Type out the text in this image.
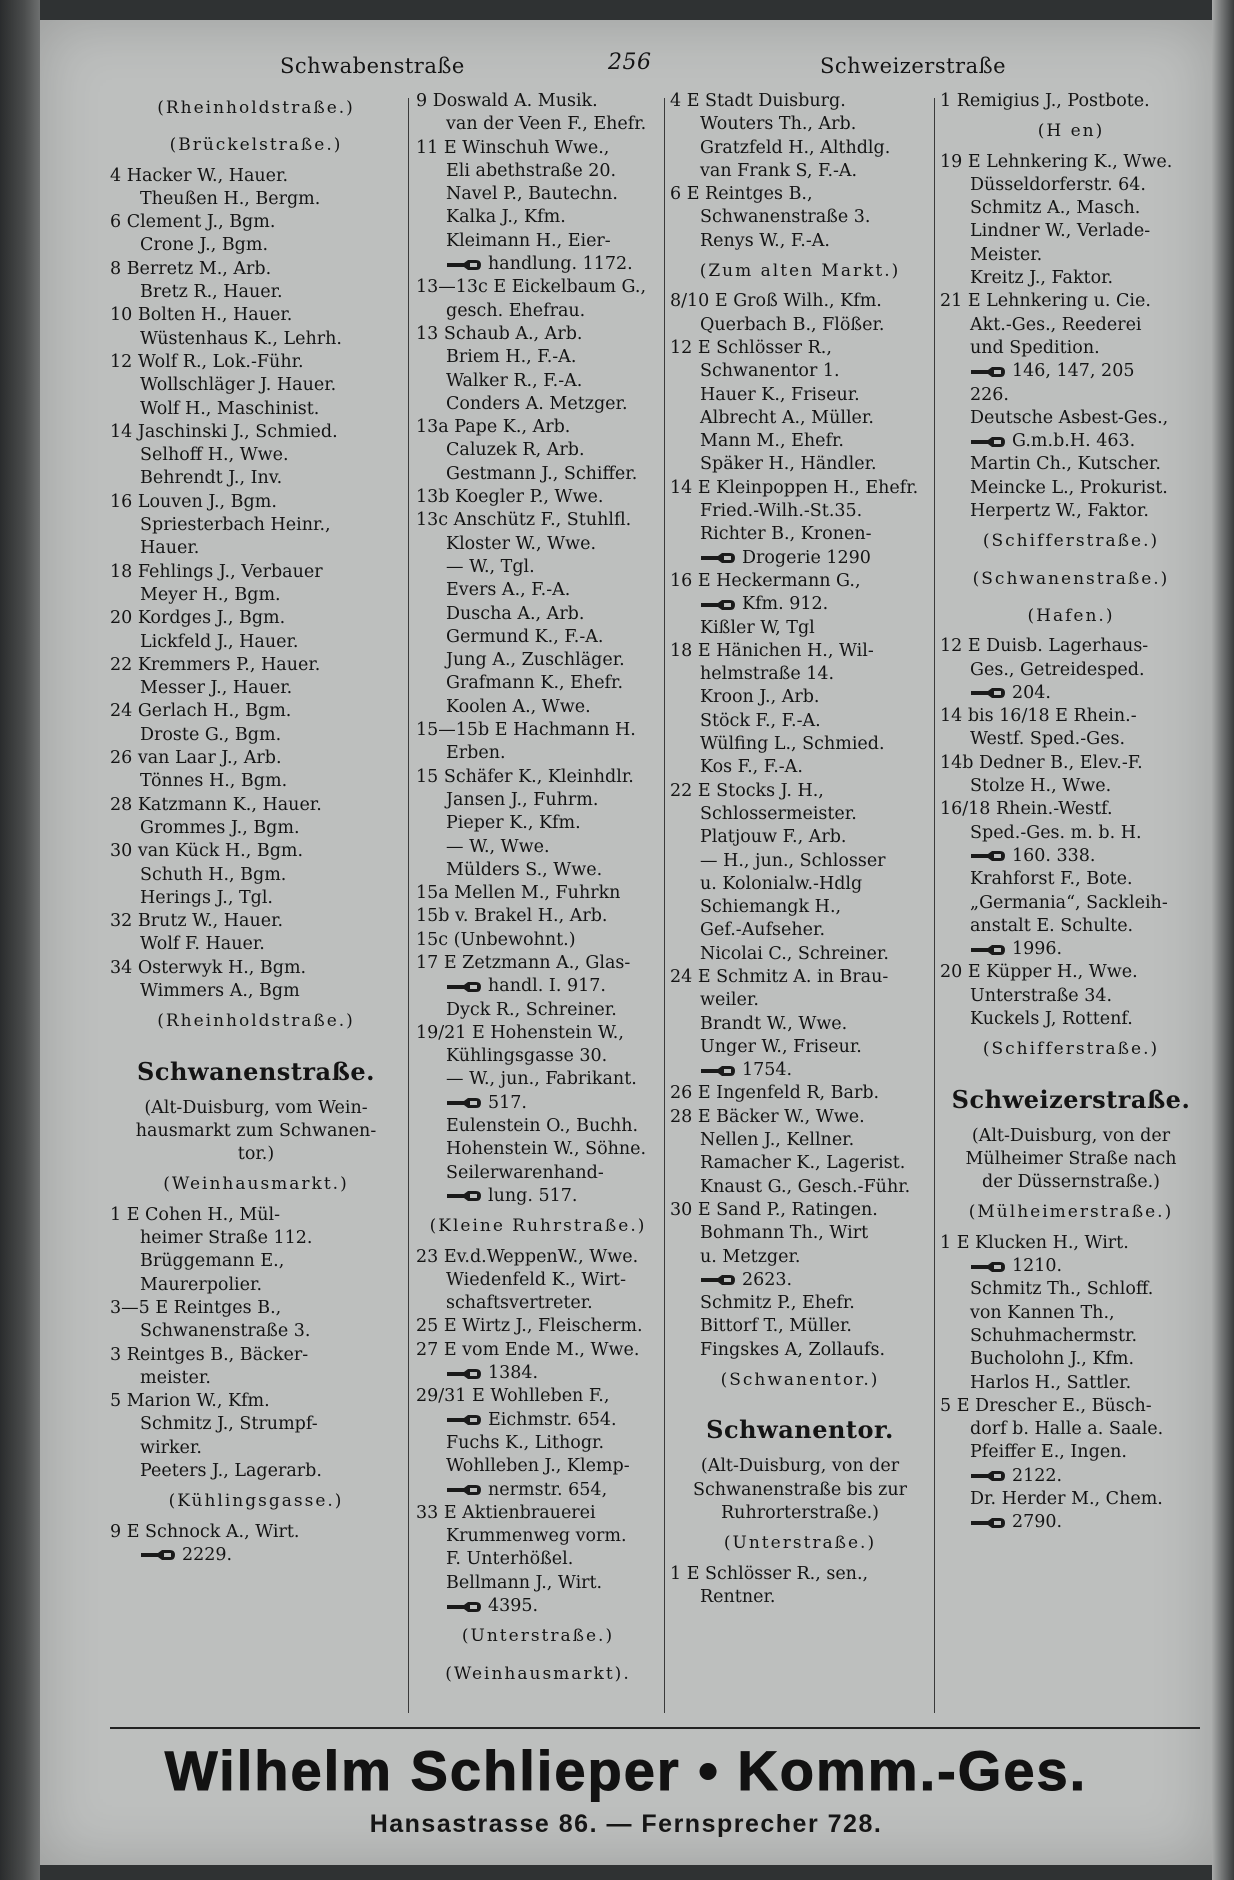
Schwabenstraße	256	Schweizerstraße
(Rheinholdstraße.)
(Brückelstraße.)
4 Hacker W., Hauer.
Theußen H., Bergm.
6 Clement J., Bgm.
Crone J., Bgm.
8 Berretz M., Arb.
Bretz R., Hauer.
10 Bolten H., Hauer.
Wüstenhaus K., Lehrh.
12 Wolf R., Lok.-Führ.
Wollschläger J. Hauer.
Wolf H., Maschinist.
14 Jaschinski J., Schmied.
Selhoff H., Wwe.
Behrendt J., Inv.
16 Louven J., Bgm.
Spriesterbach Heinr.,
Hauer.
18 Fehlings J., Verbauer
Meyer H., Bgm.
20 Kordges J., Bgm.
Lickfeld J., Hauer.
22 Kremmers P., Hauer.
Messer J., Hauer.
24 Gerlach H., Bgm.
Droste G., Bgm.
26 van Laar J., Arb.
Tönnes H., Bgm.
28 Katzmann K., Hauer.
Grommes J., Bgm.
30 van Kück H., Bgm.
Schuth H., Bgm.
Herings J., Tgl.
32 Brutz W., Hauer.
Wolf F. Hauer.
34 Osterwyk H., Bgm.
Wimmers A., Bgm
(Rheinholdstraße.)
Schwanenstraße.
(Alt-Duisburg, vom Wein-
hausmarkt zum Schwanen-
tor.)
(Weinhausmarkt.)
1 E Cohen H., Mül-
heimer Straße 112.
Brüggemann E.,
Maurerpolier.
3—5 E Reintges B.,
Schwanenstraße 3.
3 Reintges B., Bäcker-
meister.
5 Marion W., Kfm.
Schmitz J., Strumpf-
wirker.
Peeters J., Lagerarb.
(Kühlingsgasse.)
9 E Schnock A., Wirt.
2229.
9 Doswald A. Musik.
van der Veen F., Ehefr.
11 E Winschuh Wwe.,
Eli abethstraße 20.
Navel P., Bautechn.
Kalka J., Kfm.
Kleimann H., Eier-
handlung. 1172.
13—13c E Eickelbaum G.,
gesch. Ehefrau.
13 Schaub A., Arb.
Briem H., F.-A.
Walker R., F.-A.
Conders A. Metzger.
13a Pape K., Arb.
Caluzek R, Arb.
Gestmann J., Schiffer.
13b Koegler P., Wwe.
13c Anschütz F., Stuhlfl.
Kloster W., Wwe.
— W., Tgl.
Evers A., F.-A.
Duscha A., Arb.
Germund K., F.-A.
Jung A., Zuschläger.
Grafmann K., Ehefr.
Koolen A., Wwe.
15—15b E Hachmann H.
Erben.
15 Schäfer K., Kleinhdlr.
Jansen J., Fuhrm.
Pieper K., Kfm.
— W., Wwe.
Mülders S., Wwe.
15a Mellen M., Fuhrkn
15b v. Brakel H., Arb.
15c (Unbewohnt.)
17 E Zetzmann A., Glas-
handl. I. 917.
Dyck R., Schreiner.
19/21 E Hohenstein W.,
Kühlingsgasse 30.
— W., jun., Fabrikant.
517.
Eulenstein O., Buchh.
Hohenstein W., Söhne.
Seilerwarenhand-
lung. 517.
(Kleine Ruhrstraße.)
23 Ev.d.WeppenW., Wwe.
Wiedenfeld K., Wirt-
schaftsvertreter.
25 E Wirtz J., Fleischerm.
27 E vom Ende M., Wwe.
1384.
29/31 E Wohlleben F.,
Eichmstr. 654.
Fuchs K., Lithogr.
Wohlleben J., Klemp-
nermstr. 654,
33 E Aktienbrauerei
Krummenweg vorm.
F. Unterhößel.
Bellmann J., Wirt.
4395.
(Unterstraße.)
(Weinhausmarkt).
4 E Stadt Duisburg.
Wouters Th., Arb.
Gratzfeld H., Althdlg.
van Frank S, F.-A.
6 E Reintges B.,
Schwanenstraße 3.
Renys W., F.-A.
(Zum alten Markt.)
8/10 E Groß Wilh., Kfm.
Querbach B., Flößer.
12 E Schlösser R.,
Schwanentor 1.
Hauer K., Friseur.
Albrecht A., Müller.
Mann M., Ehefr.
Späker H., Händler.
14 E Kleinpoppen H., Ehefr.
Fried.-Wilh.-St.35.
Richter B., Kronen-
Drogerie 1290
16 E Heckermann G.,
Kfm. 912.
Kißler W, Tgl
18 E Hänichen H., Wil-
helmstraße 14.
Kroon J., Arb.
Stöck F., F.-A.
Wülfing L., Schmied.
Kos F., F.-A.
22 E Stocks J. H.,
Schlossermeister.
Platjouw F., Arb.
— H., jun., Schlosser
u. Kolonialw.-Hdlg
Schiemangk H.,
Gef.-Aufseher.
Nicolai C., Schreiner.
24 E Schmitz A. in Brau-
weiler.
Brandt W., Wwe.
Unger W., Friseur.
1754.
26 E Ingenfeld R, Barb.
28 E Bäcker W., Wwe.
Nellen J., Kellner.
Ramacher K., Lagerist.
Knaust G., Gesch.-Führ.
30 E Sand P., Ratingen.
Bohmann Th., Wirt
u. Metzger.
2623.
Schmitz P., Ehefr.
Bittorf T., Müller.
Fingskes A, Zollaufs.
(Schwanentor.)
Schwanentor.
(Alt-Duisburg, von der
Schwanenstraße bis zur
Ruhrorterstraße.)
(Unterstraße.)
1 E Schlösser R., sen.,
Rentner.
1 Remigius J., Postbote.
(H en)
19 E Lehnkering K., Wwe.
Düsseldorferstr. 64.
Schmitz A., Masch.
Lindner W., Verlade-
Meister.
Kreitz J., Faktor.
21 E Lehnkering u. Cie.
Akt.-Ges., Reederei
und Spedition.
146, 147, 205
226.
Deutsche Asbest-Ges.,
G.m.b.H. 463.
Martin Ch., Kutscher.
Meincke L., Prokurist.
Herpertz W., Faktor.
(Schifferstraße.)
(Schwanenstraße.)
(Hafen.)
12 E Duisb. Lagerhaus-
Ges., Getreidesped.
204.
14 bis 16/18 E Rhein.-
Westf. Sped.-Ges.
14b Dedner B., Elev.-F.
Stolze H., Wwe.
16/18 Rhein.-Westf.
Sped.-Ges. m. b. H.
160. 338.
Krahforst F., Bote.
„Germania“, Sackleih-
anstalt E. Schulte.
1996.
20 E Küpper H., Wwe.
Unterstraße 34.
Kuckels J, Rottenf.
(Schifferstraße.)
Schweizerstraße.
(Alt-Duisburg, von der
Mülheimer Straße nach
der Düssernstraße.)
(Mülheimerstraße.)
1 E Klucken H., Wirt.
1210.
Schmitz Th., Schloff.
von Kannen Th.,
Schuhmachermstr.
Bucholohn J., Kfm.
Harlos H., Sattler.
5 E Drescher E., Büsch-
dorf b. Halle a. Saale.
Pfeiffer E., Ingen.
2122.
Dr. Herder M., Chem.
2790.
Wilhelm Schlieper • Komm.-Ges.
Hansastrasse 86. — Fernsprecher 728.
